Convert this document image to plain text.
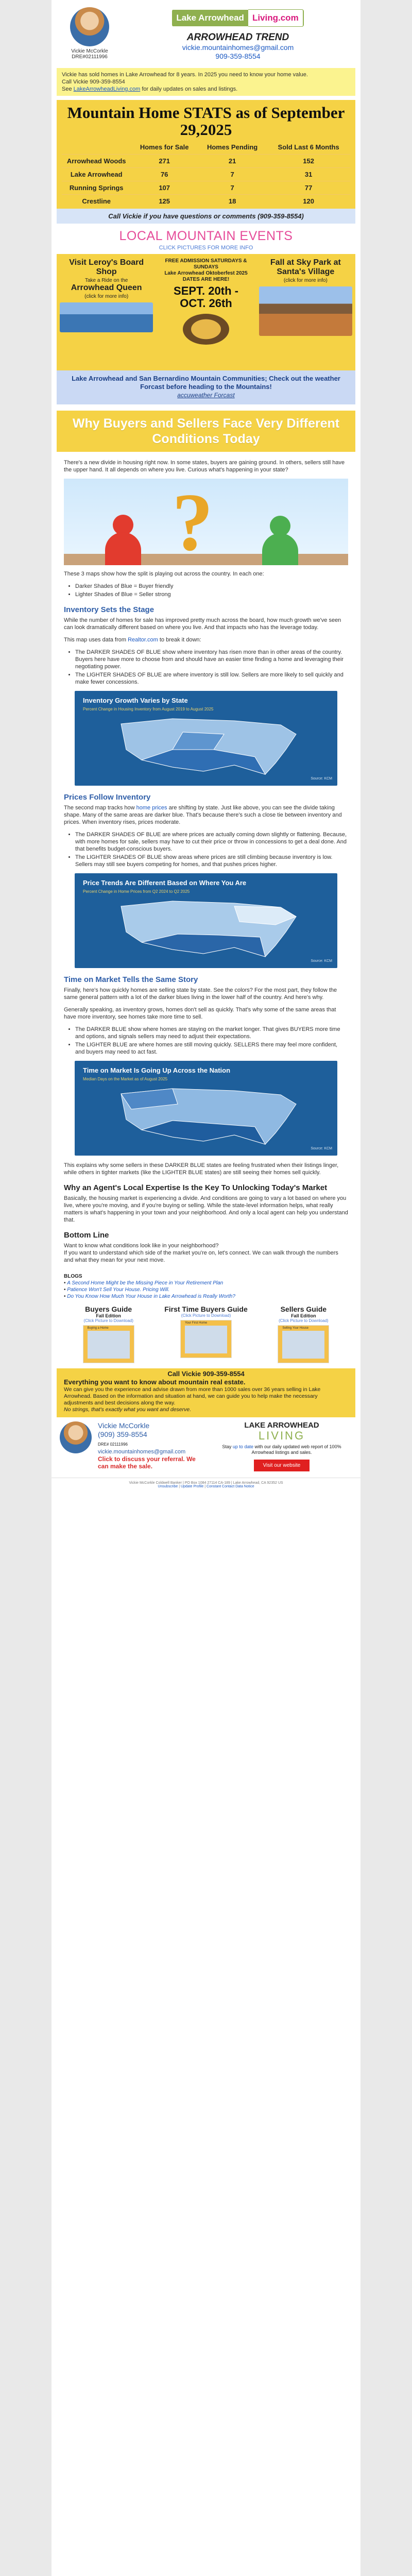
Vickie McCorkle
DRE#02111996
Lake Arrowhead Living.com
ARROWHEAD TREND
vickie.mountainhomes@gmail.com
909-359-8554
Vickie has sold homes in Lake Arrowhead for 8 years. In 2025 you need to know your home value.
Call Vickie 909-359-8554
See LakeArrowheadLiving.com for daily updates on sales and listings.
Mountain Home STATS as of September 29,2025
	Homes for Sale	Homes Pending	Sold Last 6 Months
Arrowhead Woods	271	21	152
Lake Arrowhead	76	7	31
Running Springs	107	7	77
Crestline	125	18	120
Call Vickie if you have questions or comments (909-359-8554)
LOCAL MOUNTAIN EVENTS
CLICK PICTURES FOR MORE INFO
Visit Leroy's Board Shop
Take a Ride on the
Arrowhead Queen
(click for more info)
FREE ADMISSION SATURDAYS & SUNDAYS
Lake Arrowhead Oktoberfest 2025 DATES ARE HERE!
SEPT. 20th - OCT. 26th
Fall at Sky Park at Santa's Village
(click for more info)
Lake Arrowhead and San Bernardino Mountain Communities; Check out the weather Forcast before heading to the Mountains!
accuweather Forcast
Why Buyers and Sellers Face Very Different Conditions Today

There's a new divide in housing right now. In some states, buyers are gaining ground. In others, sellers still have the upper hand. It all depends on where you live. Curious what's happening in your state?

?

These 3 maps show how the split is playing out across the country. In each one:

• Darker Shades of Blue = Buyer friendly
• Lighter Shades of Blue = Seller strong
Inventory Sets the Stage

While the number of homes for sale has improved pretty much across the board, how much growth we've seen can look dramatically different based on where you live. And that impacts who has the leverage today.

This map uses data from Realtor.com to break it down:

• The DARKER SHADES OF BLUE show where inventory has risen more than in other areas of the country. Buyers here have more to choose from and should have an easier time finding a home and leveraging their negotiating power.
• The LIGHTER SHADES OF BLUE are where inventory is still low. Sellers are more likely to sell quickly and make fewer concessions.
Inventory Growth Varies by State
Percent Change in Housing Inventory from August 2019 to August 2025
Source: KCM
Prices Follow Inventory

The second map tracks how home prices are shifting by state. Just like above, you can see the divide taking shape. Many of the same areas are darker blue. That's because there's such a close tie between inventory and prices. When inventory rises, prices moderate.

• The DARKER SHADES OF BLUE are where prices are actually coming down slightly or flattening. Because, with more homes for sale, sellers may have to cut their price or throw in concessions to get a deal done. And that benefits budget-conscious buyers.
• The LIGHTER SHADES OF BLUE show areas where prices are still climbing because inventory is low. Sellers may still see buyers competing for homes, and that pushes prices higher.
Price Trends Are Different Based on Where You Are
Percent Change in Home Prices from Q2 2024 to Q2 2025
Source: KCM
Time on Market Tells the Same Story

Finally, here's how quickly homes are selling state by state. See the colors? For the most part, they follow the same general pattern with a lot of the darker blues living in the lower half of the country. And here's why.

Generally speaking, as inventory grows, homes don't sell as quickly. That's why some of the same areas that have more inventory, see homes take more time to sell.

• The DARKER BLUE show where homes are staying on the market longer. That gives BUYERS more time and options, and signals sellers may need to adjust their expectations.
• The LIGHTER BLUE are where homes are still moving quickly. SELLERS there may feel more confident, and buyers may need to act fast.
Time on Market Is Going Up Across the Nation
Median Days on the Market as of August 2025
Source: KCM

This explains why some sellers in these DARKER BLUE states are feeling frustrated when their listings linger, while others in tighter markets (like the LIGHTER BLUE states) are still seeing their homes sell quickly.

Why an Agent's Local Expertise Is the Key To Unlocking Today's Market

Basically, the housing market is experiencing a divide. And conditions are going to vary a lot based on where you live, where you're moving, and if you're buying or selling. While the state-level information helps, what really matters is what's happening in your town and your neighborhood. And only a local agent can help you understand that.

Bottom Line

Want to know what conditions look like in your neighborhood?

If you want to understand which side of the market you're on, let's connect. We can walk through the numbers and what they mean for your next move.

BLOGS
• A Second Home Might be the Missing Piece in Your Retirement Plan
• Patience Won't Sell Your House. Pricing Will.
• Do You Know How Much Your House in Lake Arrowhead is Really Worth?
Buyers Guide
Fall Edition
(Click Picture to Download)
Buying a Home
First Time Buyers Guide
(Click Picture to Download)
Your First Home
Sellers Guide
Fall Edition
(Click Picture to Download)
Selling Your House
Call Vickie 909-359-8554
Everything you want to know about mountain real estate.
We can give you the experience and advise drawn from more than 1000 sales over 36 years selling in Lake Arrowhead. Based on the information and situation at hand, we can guide you to help make the necessary adjustments and best decisions along the way.
No strings, that's exactly what you want and deserve.
Vickie McCorkle
(909) 359-8554
DRE# 02111996
vickie.mountainhomes@gmail.com
Click to discuss your referral. We can make the sale.
LAKE ARROWHEAD
LIVING
Stay up to date with our daily updated web report of 100% Arrowhead listings and sales.
Visit our website
Vickie McCorkle Coldwell Banker | PO Box 1084 27114 CA-189 | Lake Arrowhead, CA 92352 US
Unsubscribe | Update Profile | Constant Contact Data Notice
